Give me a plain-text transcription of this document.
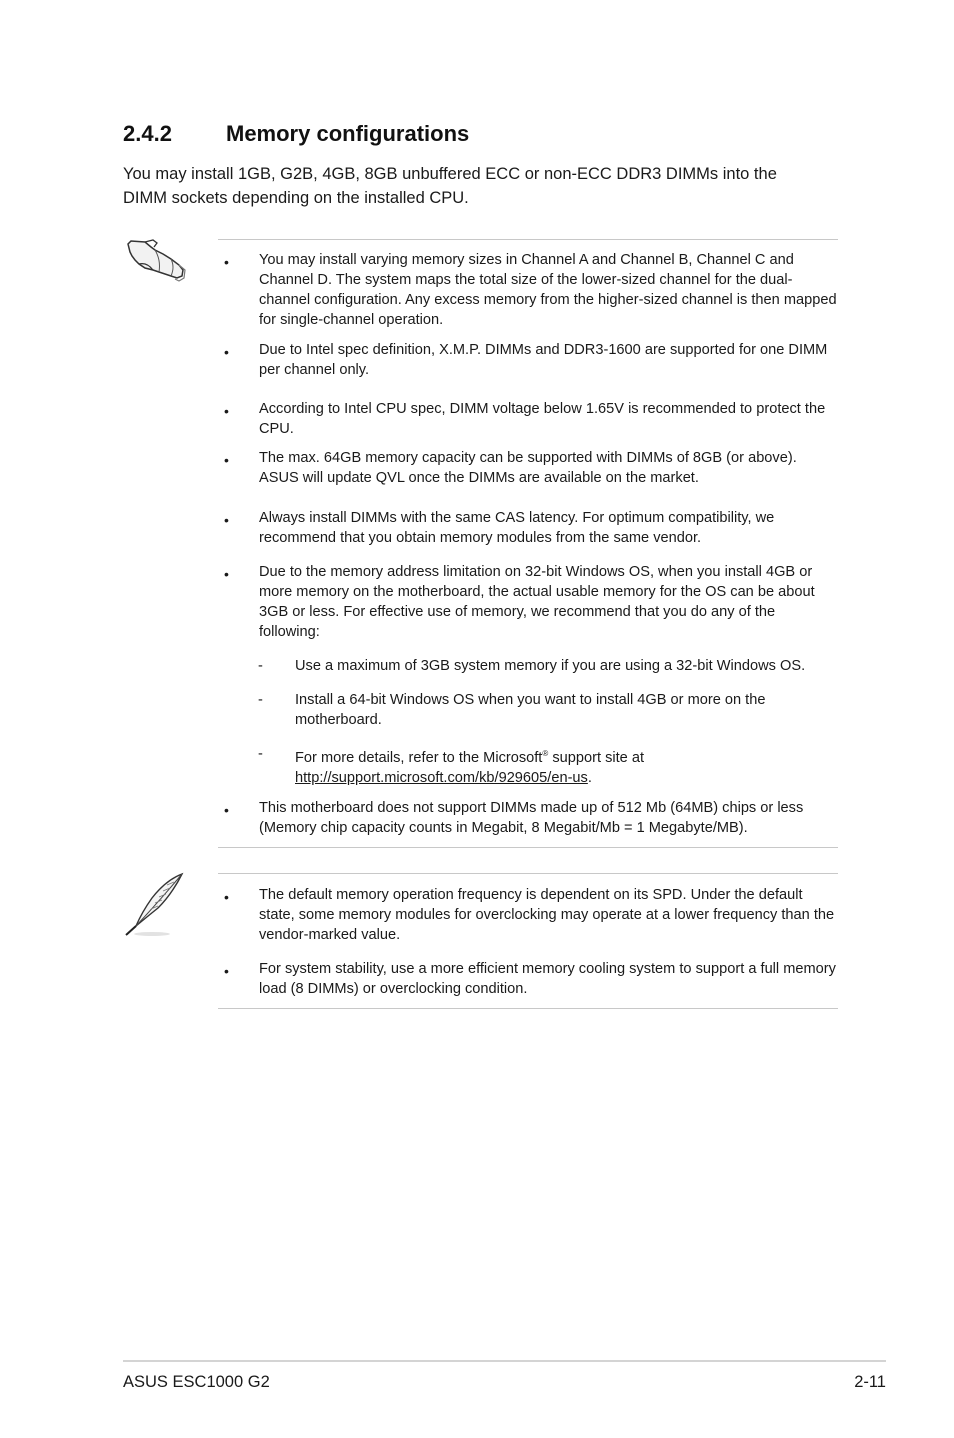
2.4.2 Memory configurations

You may install 1GB, G2B, 4GB, 8GB unbuffered ECC or non-ECC DDR3 DIMMs into the DIMM sockets depending on the installed CPU.

• You may install varying memory sizes in Channel A and Channel B, Channel C and Channel D. The system maps the total size of the lower-sized channel for the dual-channel configuration. Any excess memory from the higher-sized channel is then mapped for single-channel operation.

• Due to Intel spec definition, X.M.P. DIMMs and DDR3-1600 are supported for one DIMM per channel only.

• According to Intel CPU spec, DIMM voltage below 1.65V is recommended to protect the CPU.

• The max. 64GB memory capacity can be supported with DIMMs of 8GB (or above). ASUS will update QVL once the DIMMs are available on the market.

• Always install DIMMs with the same CAS latency. For optimum compatibility, we recommend that you obtain memory modules from the same vendor.

• Due to the memory address limitation on 32-bit Windows OS, when you install 4GB or more memory on the motherboard, the actual usable memory for the OS can be about 3GB or less. For effective use of memory, we recommend that you do any of the following:

- Use a maximum of 3GB system memory if you are using a 32-bit Windows OS.

- Install a 64-bit Windows OS when you want to install 4GB or more on the motherboard.

- For more details, refer to the Microsoft® support site at
http://support.microsoft.com/kb/929605/en-us.

• This motherboard does not support DIMMs made up of 512 Mb (64MB) chips or less (Memory chip capacity counts in Megabit, 8 Megabit/Mb = 1 Megabyte/MB).

• The default memory operation frequency is dependent on its SPD. Under the default state, some memory modules for overclocking may operate at a lower frequency than the vendor-marked value.

• For system stability, use a more efficient memory cooling system to support a full memory load (8 DIMMs) or overclocking condition.

ASUS ESC1000 G2	2-11
